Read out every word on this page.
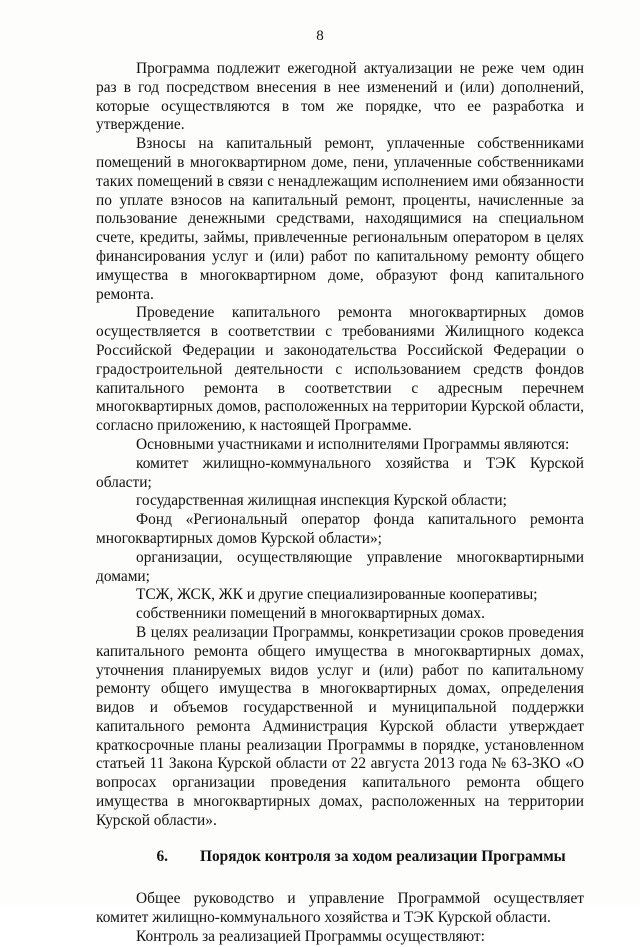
8

Программа подлежит ежегодной актуализации не реже чем один раз в год посредством внесения в нее изменений и (или) дополнений, которые осуществляются в том же порядке, что ее разработка и утверждение.

Взносы на капитальный ремонт, уплаченные собственниками помещений в многоквартирном доме, пени, уплаченные собственниками таких помещений в связи с ненадлежащим исполнением ими обязанности по уплате взносов на капитальный ремонт, проценты, начисленные за пользование денежными средствами, находящимися на специальном счете, кредиты, займы, привлеченные региональным оператором в целях финансирования услуг и (или) работ по капитальному ремонту общего имущества в многоквартирном доме, образуют фонд капитального ремонта.

Проведение капитального ремонта многоквартирных домов осуществляется в соответствии с требованиями Жилищного кодекса Российской Федерации и законодательства Российской Федерации о градостроительной деятельности с использованием средств фондов капитального ремонта в соответствии с адресным перечнем многоквартирных домов, расположенных на территории Курской области, согласно приложению, к настоящей Программе.

Основными участниками и исполнителями Программы являются:

комитет жилищно-коммунального хозяйства и ТЭК Курской области;

государственная жилищная инспекция Курской области;

Фонд «Региональный оператор фонда капитального ремонта многоквартирных домов Курской области»;

организации, осуществляющие управление многоквартирными домами;

ТСЖ, ЖСК, ЖК и другие специализированные кооперативы;

собственники помещений в многоквартирных домах.

В целях реализации Программы, конкретизации сроков проведения капитального ремонта общего имущества в многоквартирных домах, уточнения планируемых видов услуг и (или) работ по капитальному ремонту общего имущества в многоквартирных домах, определения видов и объемов государственной и муниципальной поддержки капитального ремонта Администрация Курской области утверждает краткосрочные планы реализации Программы в порядке, установленном статьей 11 Закона Курской области от 22 августа 2013 года № 63-ЗКО «О вопросах организации проведения капитального ремонта общего имущества в многоквартирных домах, расположенных на территории Курской области».

6.	Порядок контроля за ходом реализации Программы

Общее руководство и управление Программой осуществляет комитет жилищно-коммунального хозяйства и ТЭК Курской области.

Контроль за реализацией Программы осуществляют:
